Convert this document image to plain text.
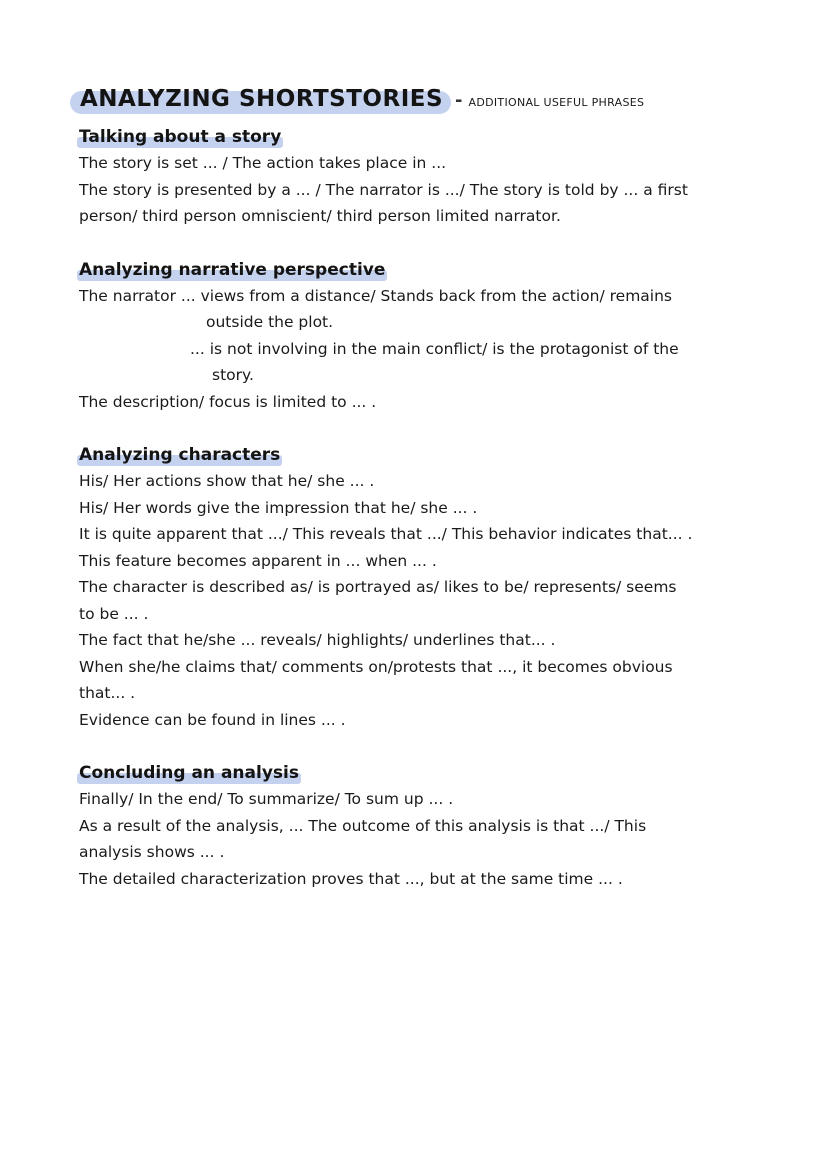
ANALYZING SHORTSTORIES - ADDITIONAL USEFUL PHRASES
Talking about a story

The story is set ... / The action takes place in ...

The story is presented by a ... / The narrator is .../ The story is told by ... a first

person/ third person omniscient/ third person limited narrator.

Analyzing narrative perspective

The narrator ... views from a distance/ Stands back from the action/ remains

outside the plot.

... is not involving in the main conflict/ is the protagonist of the

story.

The description/ focus is limited to ... .

Analyzing characters

His/ Her actions show that he/ she ... .

His/ Her words give the impression that he/ she ... .

It is quite apparent that .../ This reveals that .../ This behavior indicates that... .

This feature becomes apparent in ... when ... .

The character is described as/ is portrayed as/ likes to be/ represents/ seems

to be ... .

The fact that he/she ... reveals/ highlights/ underlines that... .

When she/he claims that/ comments on/protests that ..., it becomes obvious

that... .

Evidence can be found in lines ... .

Concluding an analysis

Finally/ In the end/ To summarize/ To sum up ... .

As a result of the analysis, ... The outcome of this analysis is that .../ This

analysis shows ... .

The detailed characterization proves that ..., but at the same time ... .
